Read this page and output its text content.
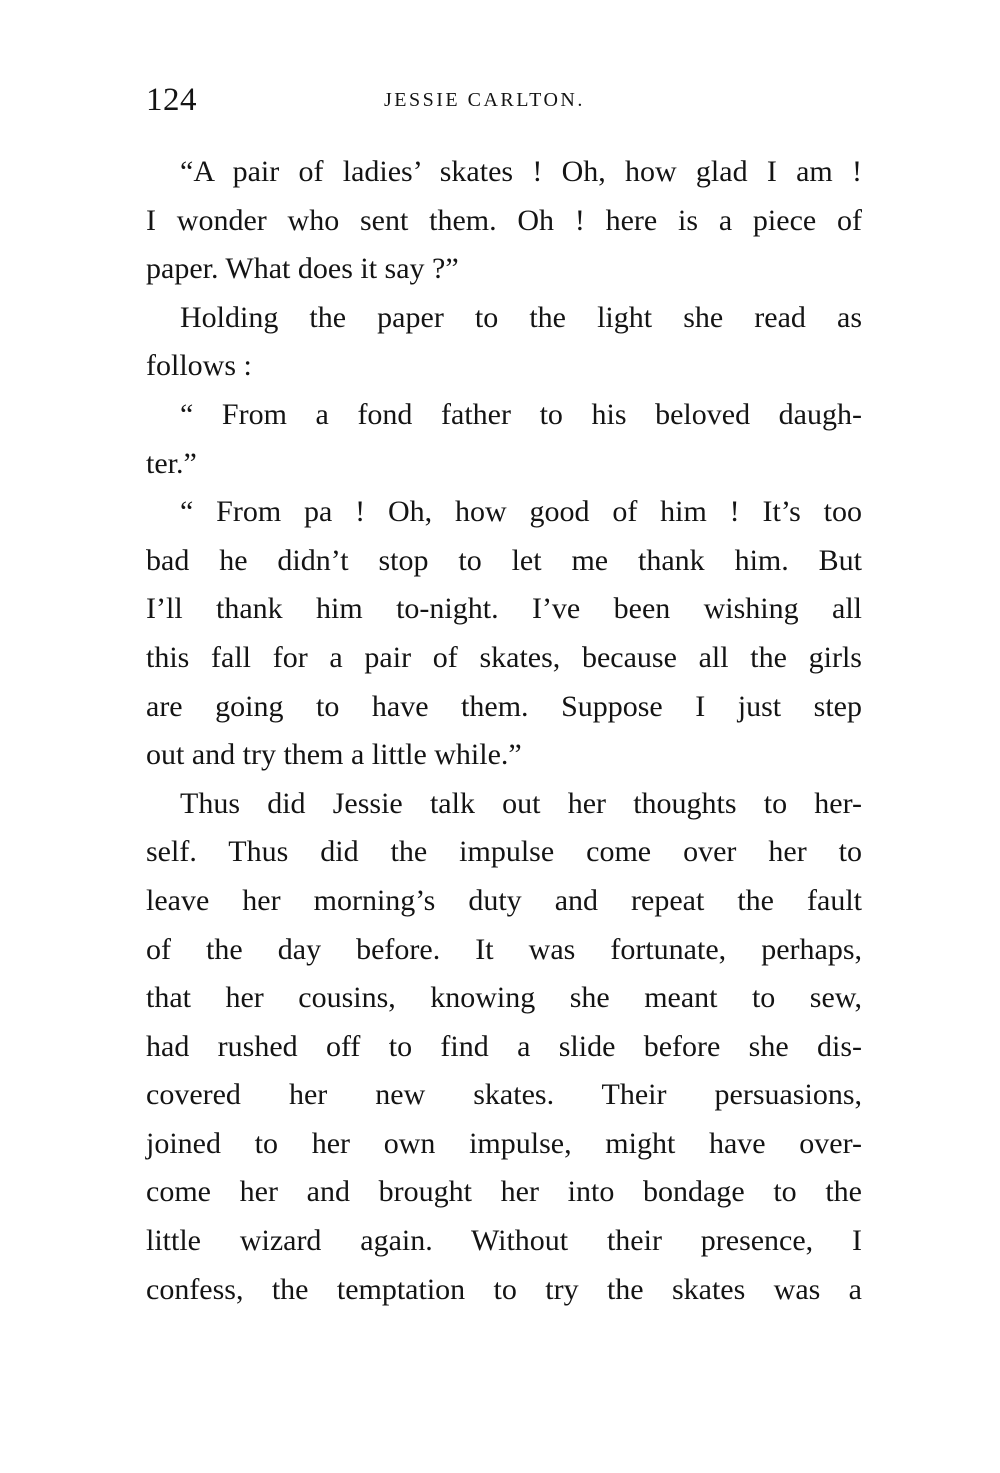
124	JESSIE CARLTON.
“A pair of ladies’ skates ! Oh, how glad I am !
I wonder who sent them. Oh ! here is a piece of
paper. What does it say ?”
Holding the paper to the light she read as
follows :
“ From a fond father to his beloved daugh-
ter.”
“ From pa ! Oh, how good of him ! It’s too
bad he didn’t stop to let me thank him. But
I’ll thank him to-night. I’ve been wishing all
this fall for a pair of skates, because all the girls
are going to have them. Suppose I just step
out and try them a little while.”
Thus did Jessie talk out her thoughts to her-
self. Thus did the impulse come over her to
leave her morning’s duty and repeat the fault
of the day before. It was fortunate, perhaps,
that her cousins, knowing she meant to sew,
had rushed off to find a slide before she dis-
covered her new skates. Their persuasions,
joined to her own impulse, might have over-
come her and brought her into bondage to the
little wizard again. Without their presence, I
confess, the temptation to try the skates was a
